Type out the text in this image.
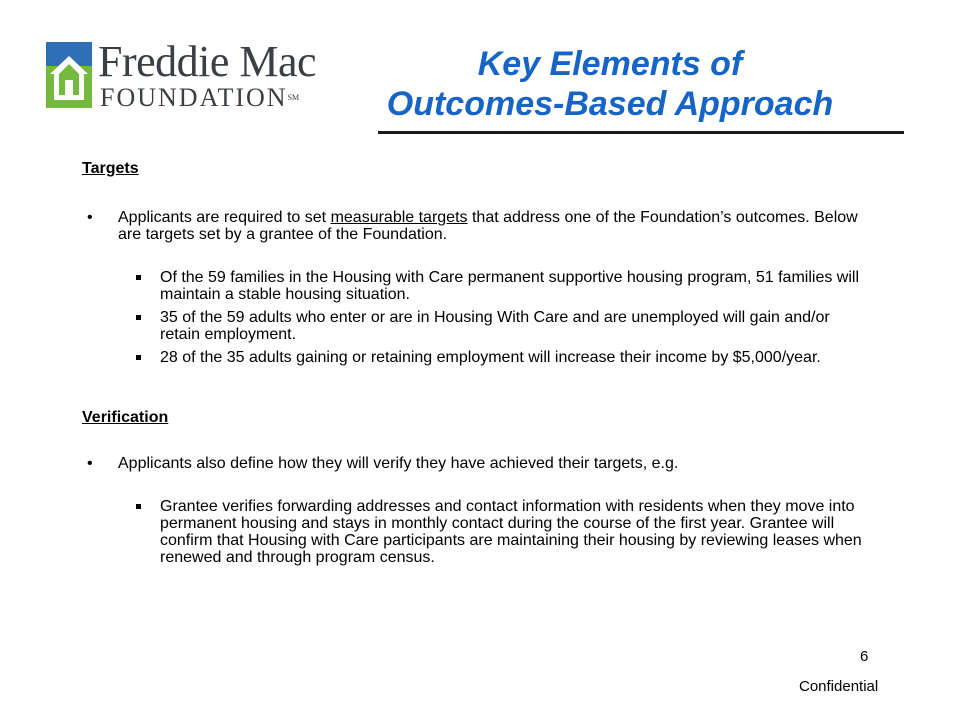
Freddie Mac
FOUNDATION℠
Key Elements of
Outcomes-Based Approach

Targets

• Applicants are required to set measurable targets that address one of the Foundation’s outcomes. Below are targets set by a grantee of the Foundation.

Of the 59 families in the Housing with Care permanent supportive housing program, 51 families will maintain a stable housing situation.

35 of the 59 adults who enter or are in Housing With Care and are unemployed will gain and/or retain employment.

28 of the 35 adults gaining or retaining employment will increase their income by $5,000/year.

Verification

• Applicants also define how they will verify they have achieved their targets, e.g.

Grantee verifies forwarding addresses and contact information with residents when they move into permanent housing and stays in monthly contact during the course of the first year. Grantee will confirm that Housing with Care participants are maintaining their housing by reviewing leases when renewed and through program census.

6
Confidential
